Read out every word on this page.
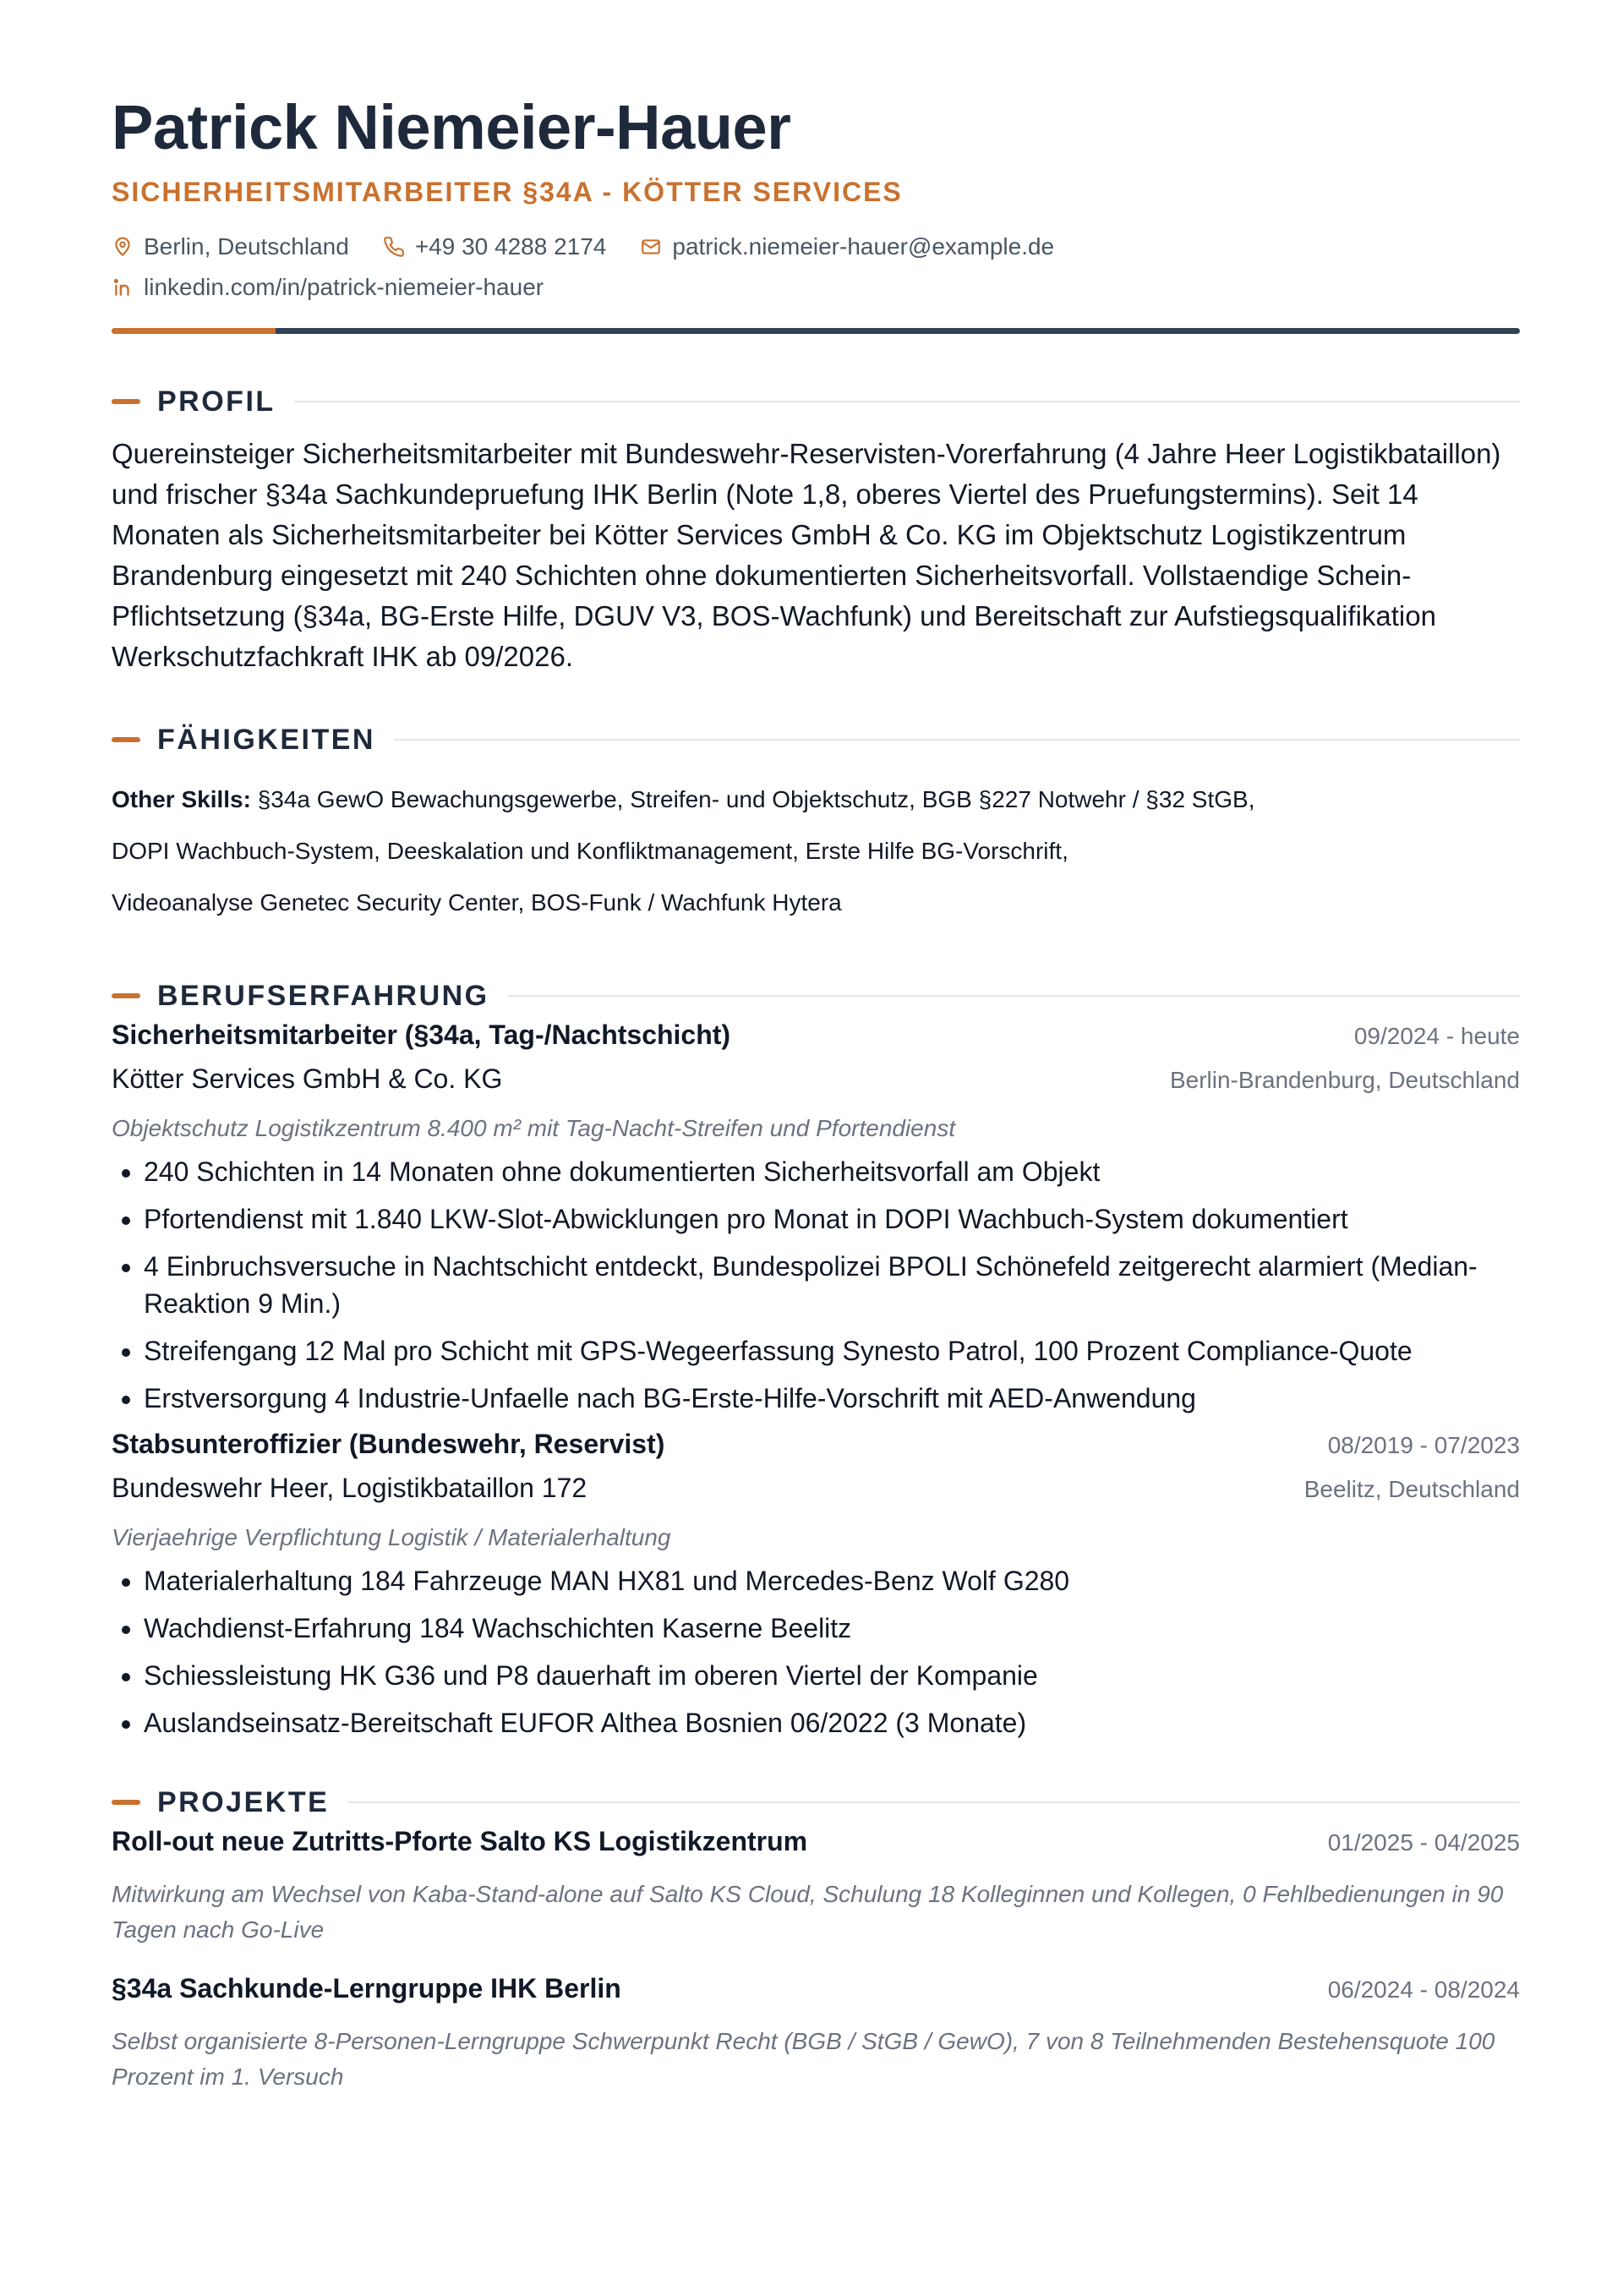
Patrick Niemeier-Hauer
SICHERHEITSMITARBEITER §34A - KÖTTER SERVICES
Berlin, Deutschland	+49 30 4288 2174	patrick.niemeier-hauer@example.de
linkedin.com/in/patrick-niemeier-hauer
PROFIL
Quereinsteiger Sicherheitsmitarbeiter mit Bundeswehr-Reservisten-Vorerfahrung (4 Jahre Heer Logistikbataillon) und frischer §34a Sachkundepruefung IHK Berlin (Note 1,8, oberes Viertel des Pruefungstermins). Seit 14 Monaten als Sicherheitsmitarbeiter bei Kötter Services GmbH & Co. KG im Objektschutz Logistikzentrum Brandenburg eingesetzt mit 240 Schichten ohne dokumentierten Sicherheitsvorfall. Vollstaendige Schein-Pflichtsetzung (§34a, BG-Erste Hilfe, DGUV V3, BOS-Wachfunk) und Bereitschaft zur Aufstiegsqualifikation Werkschutzfachkraft IHK ab 09/2026.
FÄHIGKEITEN
Other Skills: §34a GewO Bewachungsgewerbe, Streifen- und Objektschutz, BGB §227 Notwehr / §32 StGB,
DOPI Wachbuch-System, Deeskalation und Konfliktmanagement, Erste Hilfe BG-Vorschrift,
Videoanalyse Genetec Security Center, BOS-Funk / Wachfunk Hytera
BERUFSERFAHRUNG
Sicherheitsmitarbeiter (§34a, Tag-/Nachtschicht)	09/2024 - heute
Kötter Services GmbH & Co. KG	Berlin-Brandenburg, Deutschland
Objektschutz Logistikzentrum 8.400 m² mit Tag-Nacht-Streifen und Pfortendienst
• 240 Schichten in 14 Monaten ohne dokumentierten Sicherheitsvorfall am Objekt
• Pfortendienst mit 1.840 LKW-Slot-Abwicklungen pro Monat in DOPI Wachbuch-System dokumentiert
• 4 Einbruchsversuche in Nachtschicht entdeckt, Bundespolizei BPOLI Schönefeld zeitgerecht alarmiert (Median-Reaktion 9 Min.)
• Streifengang 12 Mal pro Schicht mit GPS-Wegeerfassung Synesto Patrol, 100 Prozent Compliance-Quote
• Erstversorgung 4 Industrie-Unfaelle nach BG-Erste-Hilfe-Vorschrift mit AED-Anwendung
Stabsunteroffizier (Bundeswehr, Reservist)	08/2019 - 07/2023
Bundeswehr Heer, Logistikbataillon 172	Beelitz, Deutschland
Vierjaehrige Verpflichtung Logistik / Materialerhaltung
• Materialerhaltung 184 Fahrzeuge MAN HX81 und Mercedes-Benz Wolf G280
• Wachdienst-Erfahrung 184 Wachschichten Kaserne Beelitz
• Schiessleistung HK G36 und P8 dauerhaft im oberen Viertel der Kompanie
• Auslandseinsatz-Bereitschaft EUFOR Althea Bosnien 06/2022 (3 Monate)
PROJEKTE
Roll-out neue Zutritts-Pforte Salto KS Logistikzentrum	01/2025 - 04/2025
Mitwirkung am Wechsel von Kaba-Stand-alone auf Salto KS Cloud, Schulung 18 Kolleginnen und Kollegen, 0 Fehlbedienungen in 90 Tagen nach Go-Live
§34a Sachkunde-Lerngruppe IHK Berlin	06/2024 - 08/2024
Selbst organisierte 8-Personen-Lerngruppe Schwerpunkt Recht (BGB / StGB / GewO), 7 von 8 Teilnehmenden Bestehensquote 100 Prozent im 1. Versuch
